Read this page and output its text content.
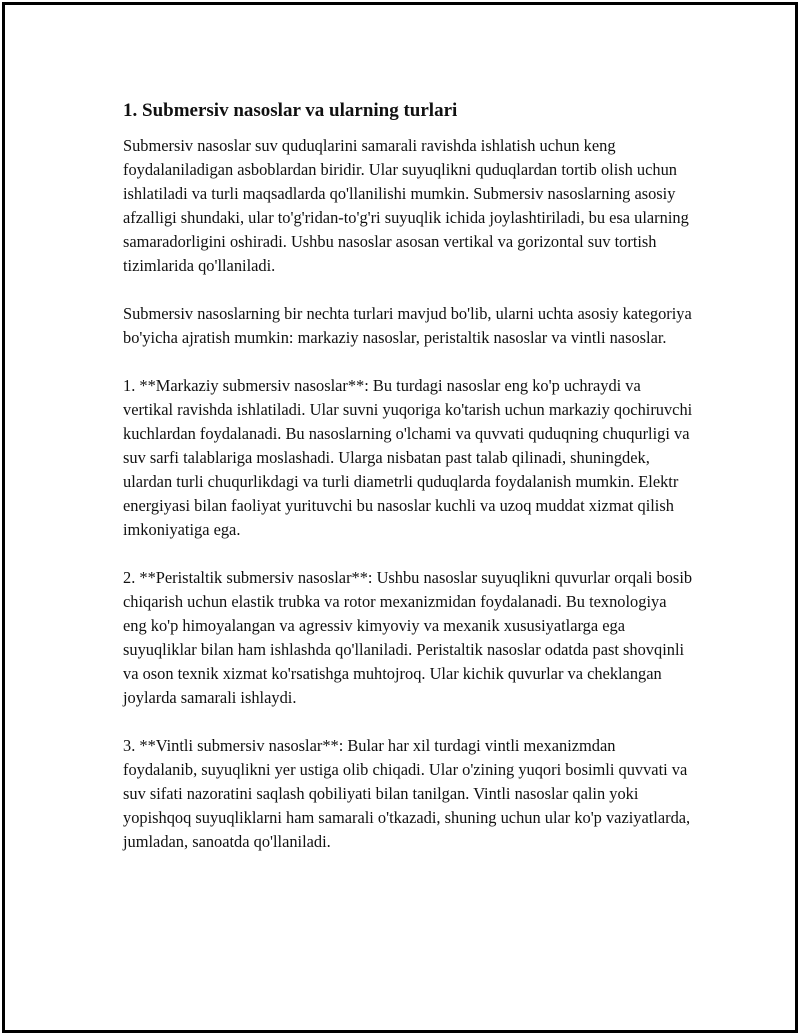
1. Submersiv nasoslar va ularning turlari

Submersiv nasoslar suv quduqlarini samarali ravishda ishlatish uchun keng foydalaniladigan asboblardan biridir. Ular suyuqlikni quduqlardan tortib olish uchun ishlatiladi va turli maqsadlarda qo'llanilishi mumkin. Submersiv nasoslarning asosiy afzalligi shundaki, ular to'g'ridan-to'g'ri suyuqlik ichida joylashtiriladi, bu esa ularning samaradorligini oshiradi. Ushbu nasoslar asosan vertikal va gorizontal suv tortish tizimlarida qo'llaniladi.

Submersiv nasoslarning bir nechta turlari mavjud bo'lib, ularni uchta asosiy kategoriya bo'yicha ajratish mumkin: markaziy nasoslar, peristaltik nasoslar va vintli nasoslar.

1. **Markaziy submersiv nasoslar**: Bu turdagi nasoslar eng ko'p uchraydi va vertikal ravishda ishlatiladi. Ular suvni yuqoriga ko'tarish uchun markaziy qochiruvchi kuchlardan foydalanadi. Bu nasoslarning o'lchami va quvvati quduqning chuqurligi va suv sarfi talablariga moslashadi. Ularga nisbatan past talab qilinadi, shuningdek, ulardan turli chuqurlikdagi va turli diametrli quduqlarda foydalanish mumkin. Elektr energiyasi bilan faoliyat yurituvchi bu nasoslar kuchli va uzoq muddat xizmat qilish imkoniyatiga ega.

2. **Peristaltik submersiv nasoslar**: Ushbu nasoslar suyuqlikni quvurlar orqali bosib chiqarish uchun elastik trubka va rotor mexanizmidan foydalanadi. Bu texnologiya eng ko'p himoyalangan va agressiv kimyoviy va mexanik xususiyatlarga ega suyuqliklar bilan ham ishlashda qo'llaniladi. Peristaltik nasoslar odatda past shovqinli va oson texnik xizmat ko'rsatishga muhtojroq. Ular kichik quvurlar va cheklangan joylarda samarali ishlaydi.

3. **Vintli submersiv nasoslar**: Bular har xil turdagi vintli mexanizmdan foydalanib, suyuqlikni yer ustiga olib chiqadi. Ular o'zining yuqori bosimli quvvati va suv sifati nazoratini saqlash qobiliyati bilan tanilgan. Vintli nasoslar qalin yoki yopishqoq suyuqliklarni ham samarali o'tkazadi, shuning uchun ular ko'p vaziyatlarda, jumladan, sanoatda qo'llaniladi.
